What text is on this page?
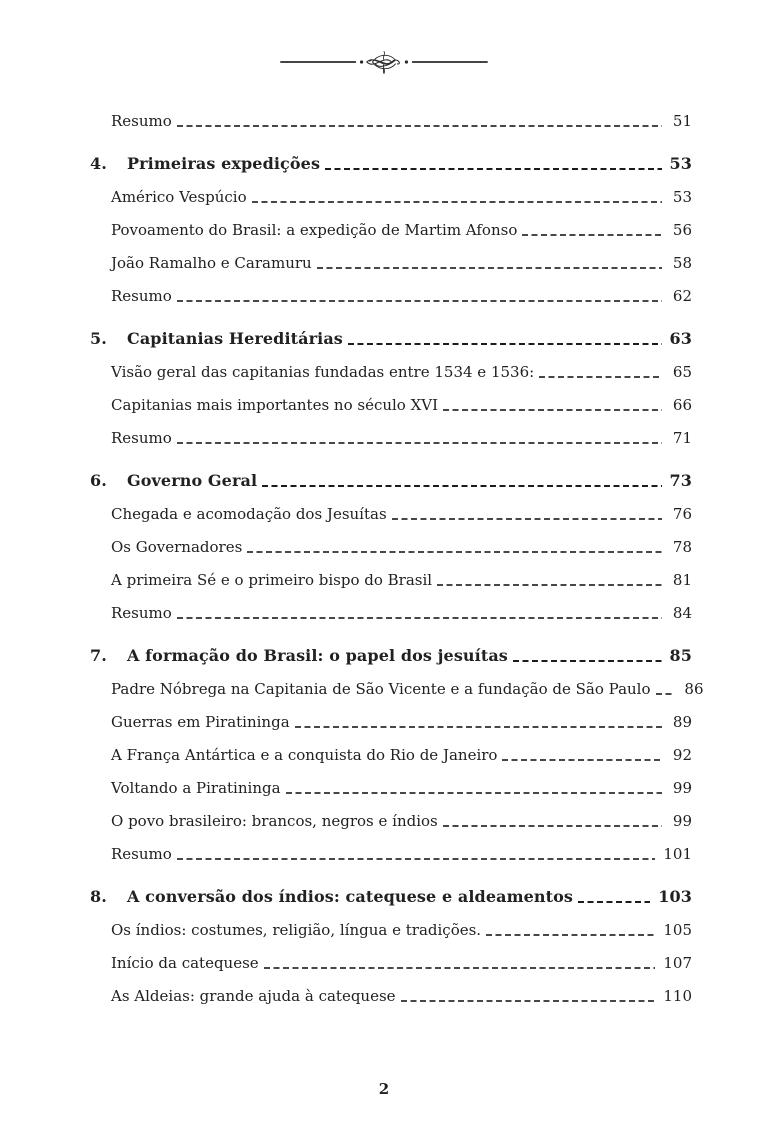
Resumo	51
4.	Primeiras expedições	53
Américo Vespúcio	53
Povoamento do Brasil: a expedição de Martim Afonso	56
João Ramalho e Caramuru	58
Resumo	62
5.	Capitanias Hereditárias	63
Visão geral das capitanias fundadas entre 1534 e 1536:	65
Capitanias mais importantes no século XVI	66
Resumo	71
6.	Governo Geral	73
Chegada e acomodação dos Jesuítas	76
Os Governadores	78
A primeira Sé e o primeiro bispo do Brasil	81
Resumo	84
7.	A formação do Brasil: o papel dos jesuítas	85
Padre Nóbrega na Capitania de São Vicente e a fundação de São Paulo 86
Guerras em Piratininga	89
A França Antártica e a conquista do Rio de Janeiro	92
Voltando a Piratininga	99
O povo brasileiro: brancos, negros e índios	99
Resumo	101
8.	A conversão dos índios: catequese e aldeamentos	103
Os índios: costumes, religião, língua e tradições.	105
Início da catequese	107
As Aldeias: grande ajuda à catequese	110
2
